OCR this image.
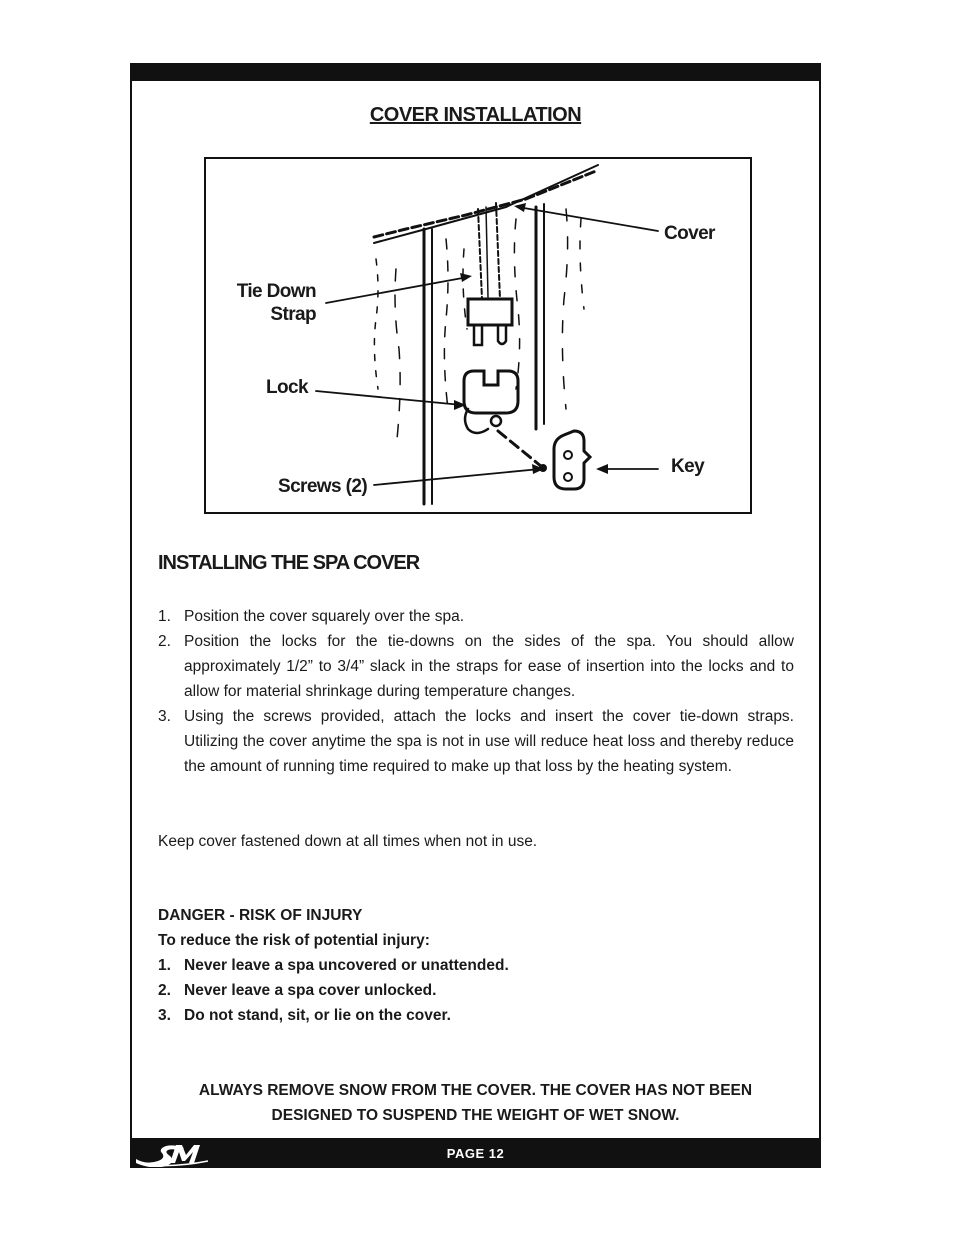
COVER INSTALLATION
Cover
Tie Down
Strap
Lock
Key
Screws (2)
INSTALLING THE SPA COVER
1. Position the cover squarely over the spa.
2. Position the locks for the tie-downs on the sides of the spa. You should allow approximately 1/2” to 3/4” slack in the straps for ease of insertion into the locks and to allow for material shrinkage during temperature changes.
3. Using the screws provided, attach the locks and insert the cover tie-down straps. Utilizing the cover anytime the spa is not in use will reduce heat loss and thereby reduce the amount of running time required to make up that loss by the heating system.
Keep cover fastened down at all times when not in use.
DANGER - RISK OF INJURY
To reduce the risk of potential injury:
1. Never leave a spa uncovered or unattended.
2. Never leave a spa cover unlocked.
3. Do not stand, sit, or lie on the cover.
ALWAYS REMOVE SNOW FROM THE COVER. THE COVER HAS NOT BEEN
DESIGNED TO SUSPEND THE WEIGHT OF WET SNOW.
PAGE 12
